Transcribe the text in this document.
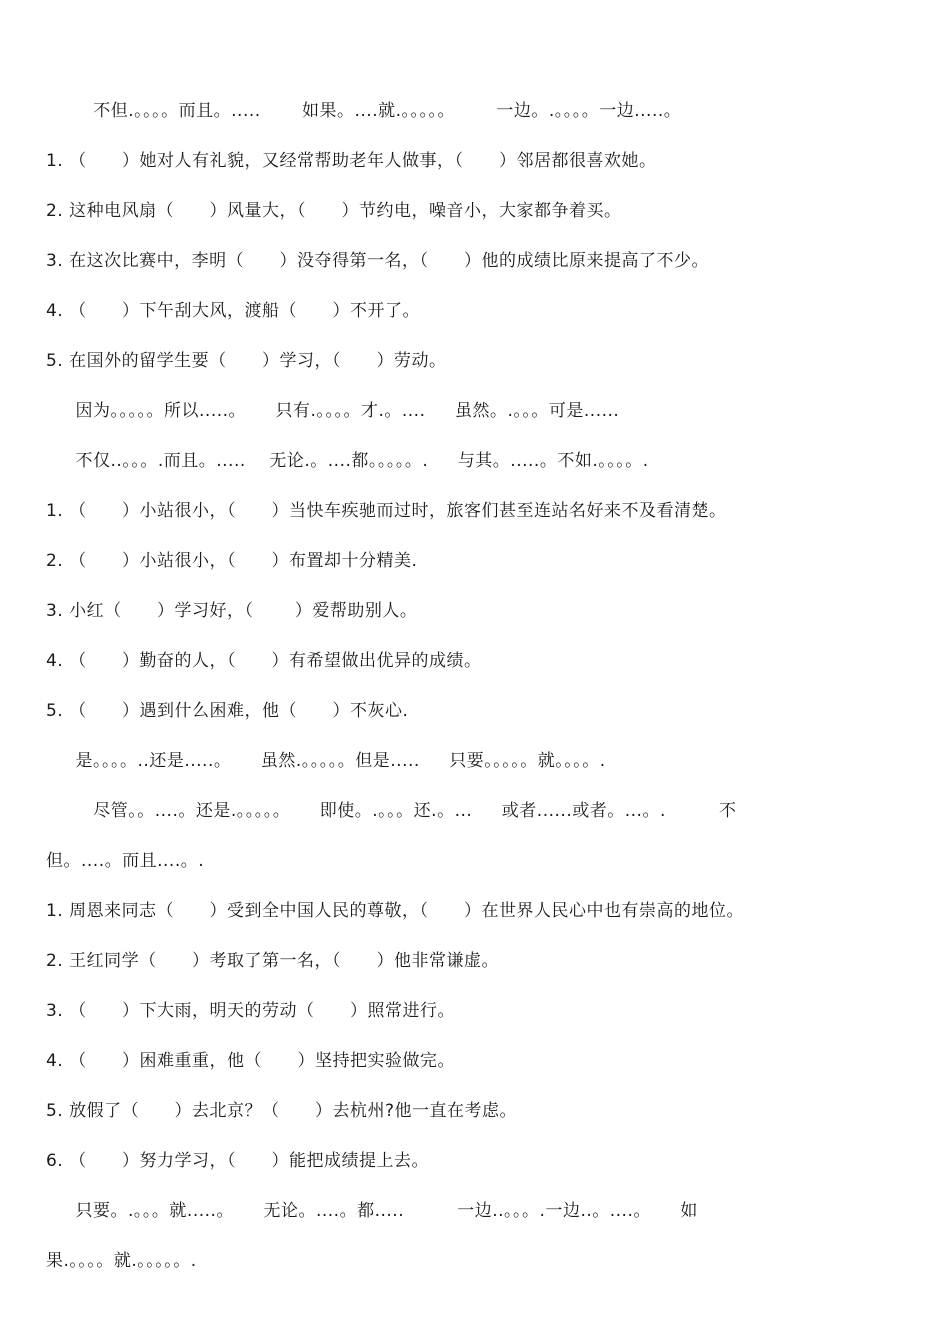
不但.。。。。而且。.....       如果。....就.。。。。。       一边。.。。。。一边.....。
1. （      ）她对人有礼貌，又经常帮助老年人做事，（      ）邻居都很喜欢她。
2. 这种电风扇（      ）风量大，（      ）节约电，噪音小，大家都争着买。
3. 在这次比赛中，李明（      ）没夺得第一名，（      ）他的成绩比原来提高了不少。
4. （      ）下午刮大风，渡船（      ）不开了。
5. 在国外的留学生要（      ）学习，（      ）劳动。
因为。。。。。所以.....。     只有.。。。。才.。....     虽然。.。。。可是......
不仅..。。。.而且。.....    无论.。....都。。。。。.     与其。.....。不如.。。。。.
1. （      ）小站很小，（      ）当快车疾驰而过时，旅客们甚至连站名好来不及看清楚。
2. （      ）小站很小，（      ）布置却十分精美.
3. 小红（      ）学习好，（       ）爱帮助别人。
4. （      ）勤奋的人，（      ）有希望做出优异的成绩。
5. （      ）遇到什么困难，他（      ）不灰心.
是。。。。..还是.....。     虽然.。。。。。但是.....     只要。。。。。就。。。。.
尽管。。....。还是.。。。。。     即使。.。。。还.。...     或者......或者。...。.         不
但。....。而且....。.
1. 周恩来同志（      ）受到全中国人民的尊敬，（      ）在世界人民心中也有崇高的地位。
2. 王红同学（      ）考取了第一名，（      ）他非常谦虚。
3. （      ）下大雨，明天的劳动（      ）照常进行。
4. （      ）困难重重，他（      ）坚持把实验做完。
5. 放假了（      ）去北京？（      ）去杭州?他一直在考虑。
6. （      ）努力学习，（      ）能把成绩提上去。
只要。.。。。就.....。     无论。....。都.....         一边..。。。.一边..。....。     如
果.。。。。就.。。。。。.
